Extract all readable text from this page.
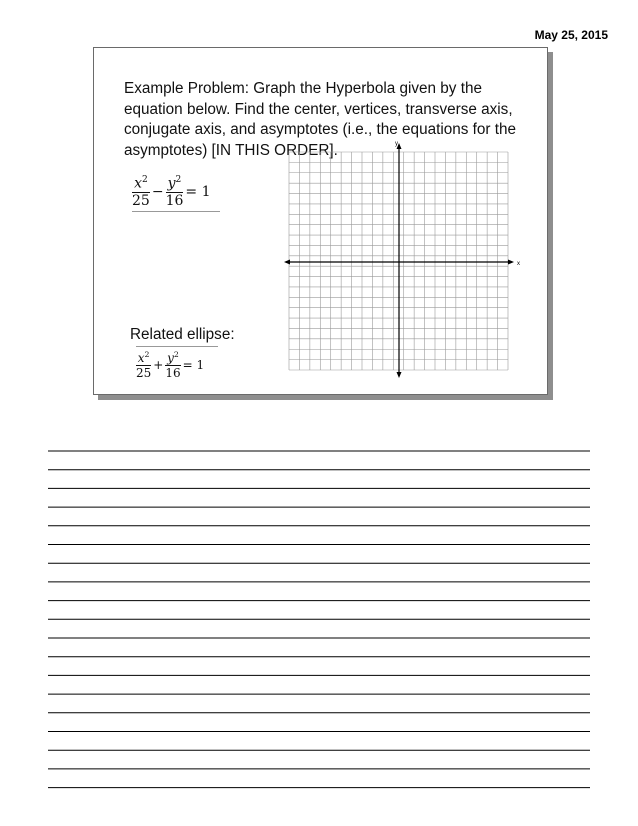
May 25, 2015
Example Problem: Graph the Hyperbola given by the equation below. Find the center, vertices, transverse axis, conjugate axis, and asymptotes (i.e., the equations for the asymptotes) [IN THIS ORDER].
$\frac{x^2}{25} - \frac{y^2}{16} = 1$
Related ellipse:
$\frac{x^2}{25} + \frac{y^2}{16} = 1$
x
y
